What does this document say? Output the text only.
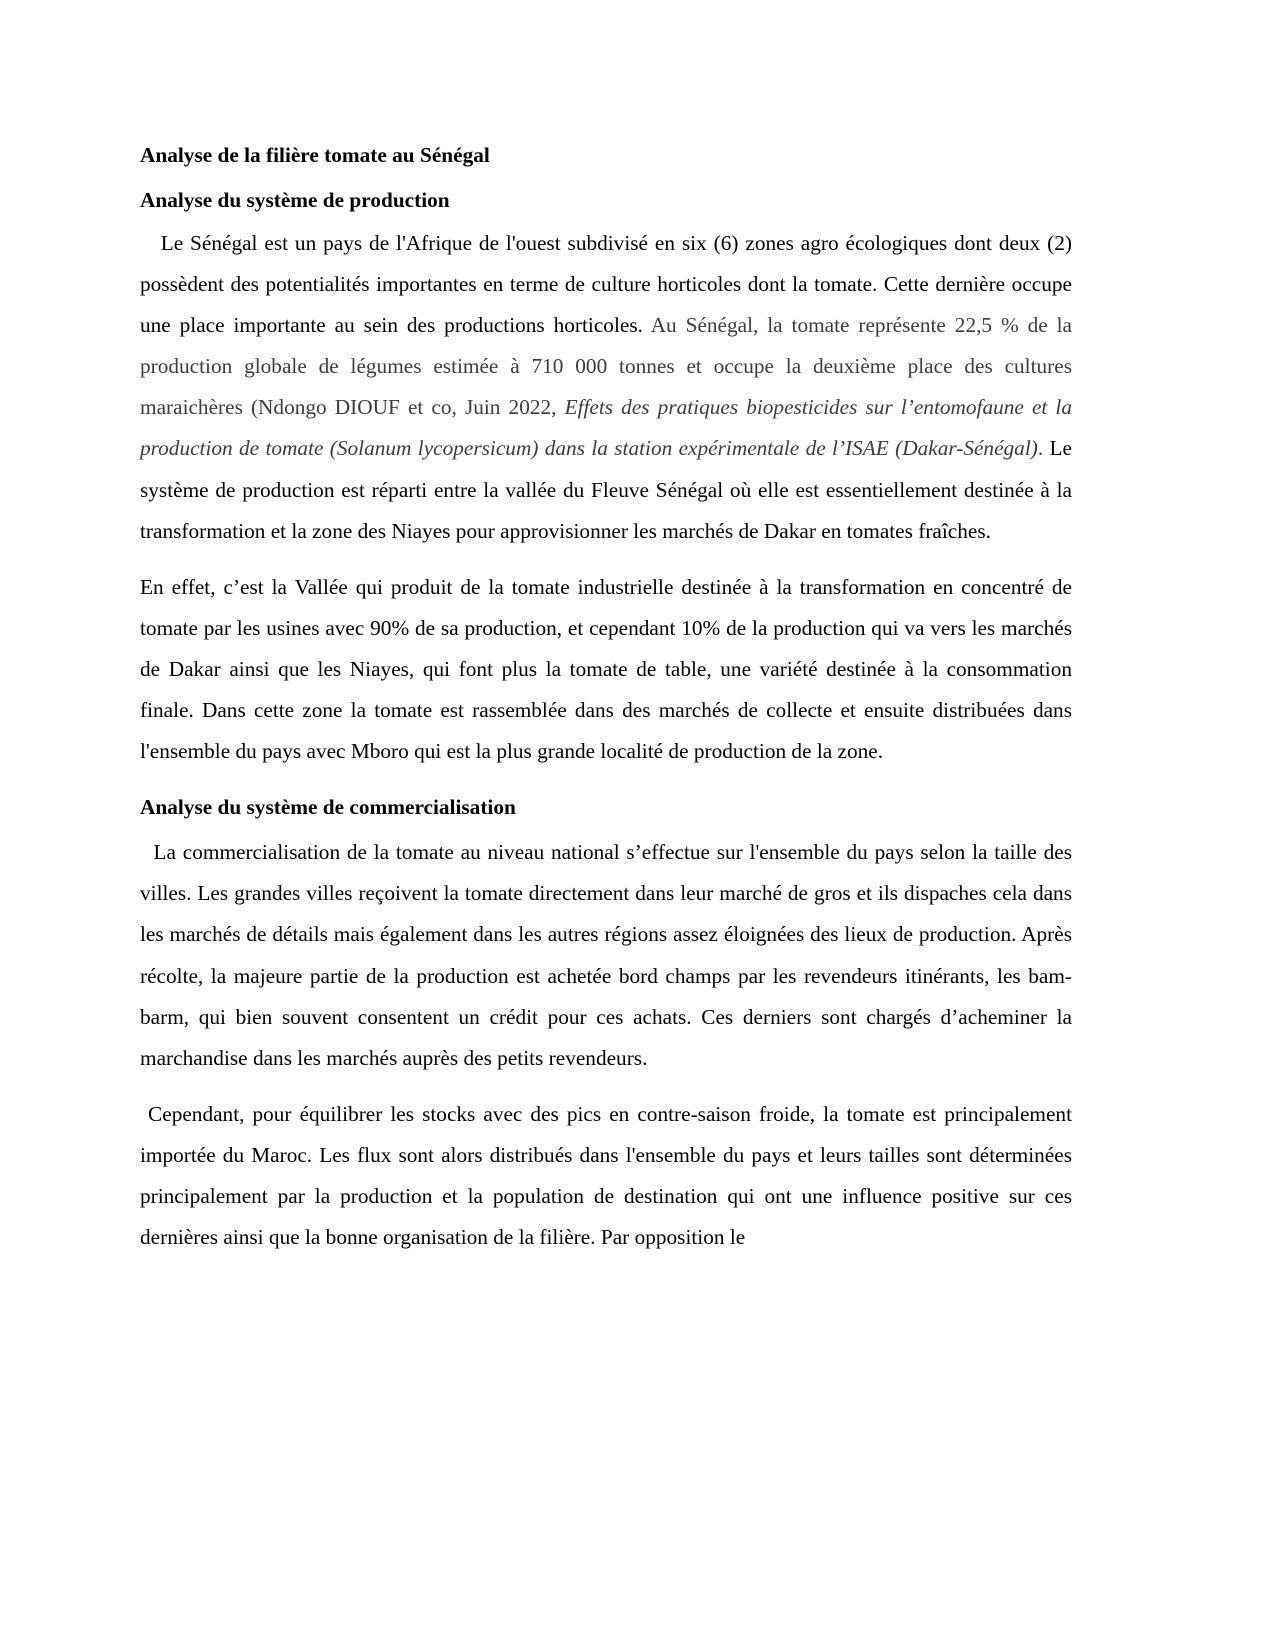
Analyse de la filière tomate au Sénégal
Analyse du système de production

Le Sénégal est un pays de l'Afrique de l'ouest subdivisé en six (6) zones agro écologiques dont deux (2) possèdent des potentialités importantes en terme de culture horticoles dont la tomate. Cette dernière occupe une place importante au sein des productions horticoles. Au Sénégal, la tomate représente 22,5 % de la production globale de légumes estimée à 710 000 tonnes et occupe la deuxième place des cultures maraichères (Ndongo DIOUF et co, Juin 2022, Effets des pratiques biopesticides sur l’entomofaune et la production de tomate (Solanum lycopersicum) dans la station expérimentale de l’ISAE (Dakar-Sénégal). Le système de production est réparti entre la vallée du Fleuve Sénégal où elle est essentiellement destinée à la transformation et la zone des Niayes pour approvisionner les marchés de Dakar en tomates fraîches.

En effet, c’est la Vallée qui produit de la tomate industrielle destinée à la transformation en concentré de tomate par les usines avec 90% de sa production, et cependant 10% de la production qui va vers les marchés de Dakar ainsi que les Niayes, qui font plus la tomate de table, une variété destinée à la consommation finale. Dans cette zone la tomate est rassemblée dans des marchés de collecte et ensuite distribuées dans l'ensemble du pays avec Mboro qui est la plus grande localité de production de la zone.

Analyse du système de commercialisation

La commercialisation de la tomate au niveau national s’effectue sur l'ensemble du pays selon la taille des villes. Les grandes villes reçoivent la tomate directement dans leur marché de gros et ils dispaches cela dans les marchés de détails mais également dans les autres régions assez éloignées des lieux de production. Après récolte, la majeure partie de la production est achetée bord champs par les revendeurs itinérants, les bam-barm, qui bien souvent consentent un crédit pour ces achats. Ces derniers sont chargés d’acheminer la marchandise dans les marchés auprès des petits revendeurs.

Cependant, pour équilibrer les stocks avec des pics en contre-saison froide, la tomate est principalement importée du Maroc. Les flux sont alors distribués dans l'ensemble du pays et leurs tailles sont déterminées principalement par la production et la population de destination qui ont une influence positive sur ces dernières ainsi que la bonne organisation de la filière. Par opposition le
